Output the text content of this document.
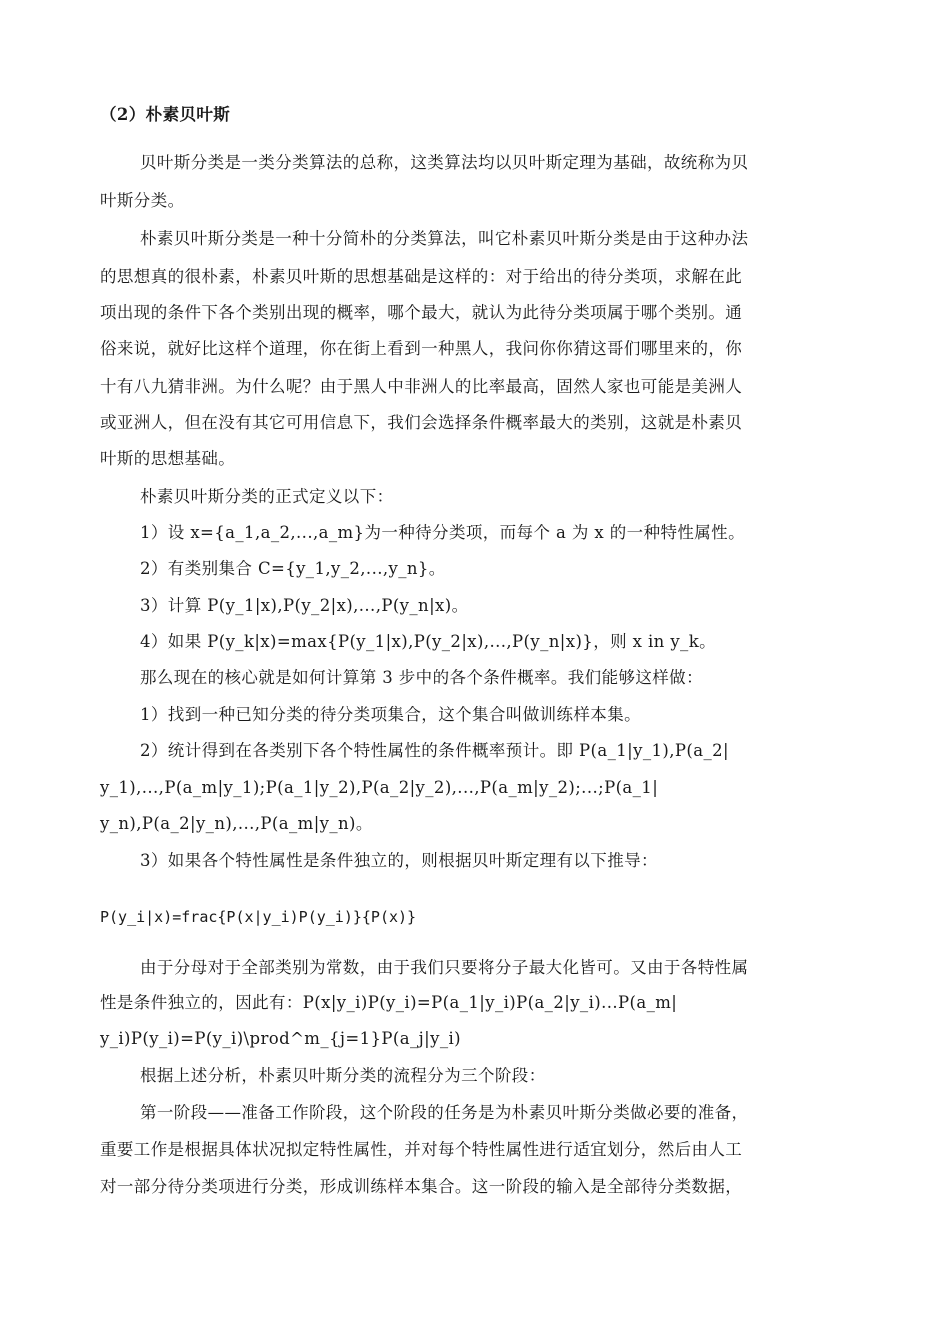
（2）朴素贝叶斯
贝叶斯分类是一类分类算法的总称，这类算法均以贝叶斯定理为基础，故统称为贝
叶斯分类。
朴素贝叶斯分类是一种十分简朴的分类算法，叫它朴素贝叶斯分类是由于这种办法
的思想真的很朴素，朴素贝叶斯的思想基础是这样的：对于给出的待分类项，求解在此
项出现的条件下各个类别出现的概率，哪个最大，就认为此待分类项属于哪个类别。通
俗来说，就好比这样个道理，你在街上看到一种黑人，我问你你猜这哥们哪里来的，你
十有八九猜非洲。为什么呢？由于黑人中非洲人的比率最高，固然人家也可能是美洲人
或亚洲人，但在没有其它可用信息下，我们会选择条件概率最大的类别，这就是朴素贝
叶斯的思想基础。
朴素贝叶斯分类的正式定义以下：
1）设 x={a_1,a_2,...,a_m}为一种待分类项，而每个 a 为 x 的一种特性属性。
2）有类别集合 C={y_1,y_2,...,y_n}。
3）计算 P(y_1|x),P(y_2|x),...,P(y_n|x)。
4）如果 P(y_k|x)=max{P(y_1|x),P(y_2|x),...,P(y_n|x)}，则 x in y_k。
那么现在的核心就是如何计算第 3 步中的各个条件概率。我们能够这样做：
1）找到一种已知分类的待分类项集合，这个集合叫做训练样本集。
2）统计得到在各类别下各个特性属性的条件概率预计。即 P(a_1|y_1),P(a_2|
y_1),...,P(a_m|y_1);P(a_1|y_2),P(a_2|y_2),...,P(a_m|y_2);...;P(a_1|
y_n),P(a_2|y_n),...,P(a_m|y_n)。
3）如果各个特性属性是条件独立的，则根据贝叶斯定理有以下推导：
P(y_i|x)=frac{P(x|y_i)P(y_i)}{P(x)}
由于分母对于全部类别为常数，由于我们只要将分子最大化皆可。又由于各特性属
性是条件独立的，因此有：P(x|y_i)P(y_i)=P(a_1|y_i)P(a_2|y_i)...P(a_m|
y_i)P(y_i)=P(y_i)\prod^m_{j=1}P(a_j|y_i)
根据上述分析，朴素贝叶斯分类的流程分为三个阶段：
第一阶段——准备工作阶段，这个阶段的任务是为朴素贝叶斯分类做必要的准备，
重要工作是根据具体状况拟定特性属性，并对每个特性属性进行适宜划分，然后由人工
对一部分待分类项进行分类，形成训练样本集合。这一阶段的输入是全部待分类数据，
